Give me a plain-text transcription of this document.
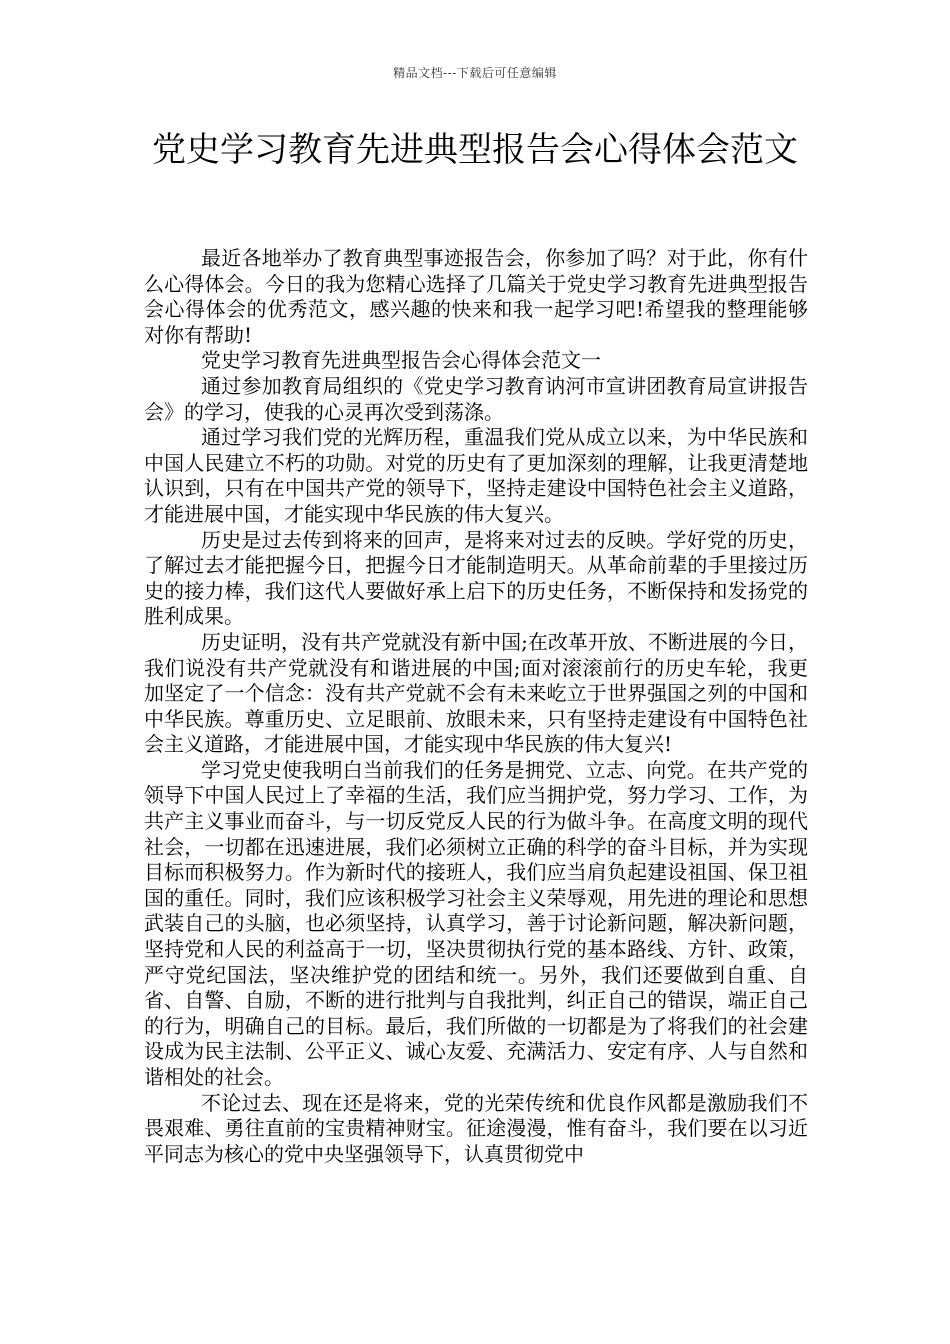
精品文档---下载后可任意编辑
党史学习教育先进典型报告会心得体会范文

最近各地举办了教育典型事迹报告会，你参加了吗？对于此，你有什么心得体会。今日的我为您精心选择了几篇关于党史学习教育先进典型报告会心得体会的优秀范文，感兴趣的快来和我一起学习吧!希望我的整理能够对你有帮助!

党史学习教育先进典型报告会心得体会范文一

通过参加教育局组织的《党史学习教育讷河市宣讲团教育局宣讲报告会》的学习，使我的心灵再次受到荡涤。

通过学习我们党的光辉历程，重温我们党从成立以来，为中华民族和中国人民建立不朽的功勋。对党的历史有了更加深刻的理解，让我更清楚地认识到，只有在中国共产党的领导下，坚持走建设中国特色社会主义道路，才能进展中国，才能实现中华民族的伟大复兴。

历史是过去传到将来的回声，是将来对过去的反映。学好党的历史，了解过去才能把握今日，把握今日才能制造明天。从革命前辈的手里接过历史的接力棒，我们这代人要做好承上启下的历史任务，不断保持和发扬党的胜利成果。

历史证明，没有共产党就没有新中国;在改革开放、不断进展的今日，我们说没有共产党就没有和谐进展的中国;面对滚滚前行的历史车轮，我更加坚定了一个信念：没有共产党就不会有未来屹立于世界强国之列的中国和中华民族。尊重历史、立足眼前、放眼未来，只有坚持走建设有中国特色社会主义道路，才能进展中国，才能实现中华民族的伟大复兴!

学习党史使我明白当前我们的任务是拥党、立志、向党。在共产党的领导下中国人民过上了幸福的生活，我们应当拥护党，努力学习、工作，为共产主义事业而奋斗，与一切反党反人民的行为做斗争。在高度文明的现代社会，一切都在迅速进展，我们必须树立正确的科学的奋斗目标，并为实现目标而积极努力。作为新时代的接班人，我们应当肩负起建设祖国、保卫祖国的重任。同时，我们应该积极学习社会主义荣辱观，用先进的理论和思想武装自己的头脑，也必须坚持，认真学习，善于讨论新问题，解决新问题，坚持党和人民的利益高于一切，坚决贯彻执行党的基本路线、方针、政策，严守党纪国法，坚决维护党的团结和统一。另外，我们还要做到自重、自省、自警、自励，不断的进行批判与自我批判，纠正自己的错误，端正自己的行为，明确自己的目标。最后，我们所做的一切都是为了将我们的社会建设成为民主法制、公平正义、诚心友爱、充满活力、安定有序、人与自然和谐相处的社会。

不论过去、现在还是将来，党的光荣传统和优良作风都是激励我们不畏艰难、勇往直前的宝贵精神财宝。征途漫漫，惟有奋斗，我们要在以习近平同志为核心的党中央坚强领导下，认真贯彻党中
